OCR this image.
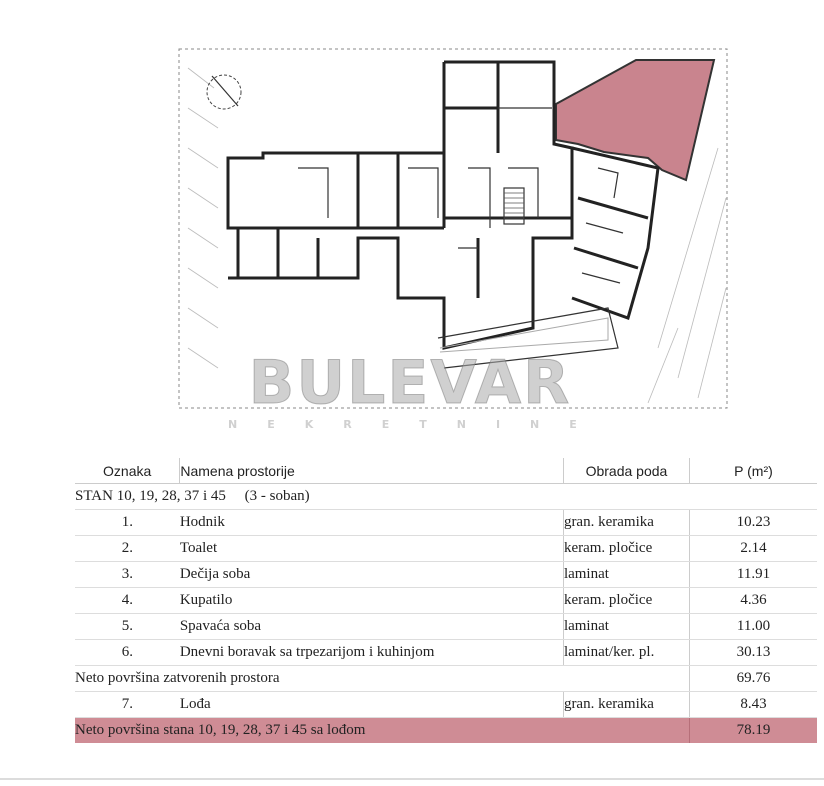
BULEVAR
NEKRETNINE
Oznaka	Namena prostorije	Obrada poda	P (m²)
STAN 10, 19, 28, 37 i 45     (3 - soban)			
1.	Hodnik	gran. keramika	10.23
2.	Toalet	keram. pločice	2.14
3.	Dečija soba	laminat	11.91
4.	Kupatilo	keram. pločice	4.36
5.	Spavaća soba	laminat	11.00
6.	Dnevni boravak sa trpezarijom i kuhinjom	laminat/ker. pl.	30.13
Neto površina zatvorenih prostora			69.76
7.	Lođa	gran. keramika	8.43
Neto površina stana 10, 19, 28, 37 i 45 sa lođom			78.19
